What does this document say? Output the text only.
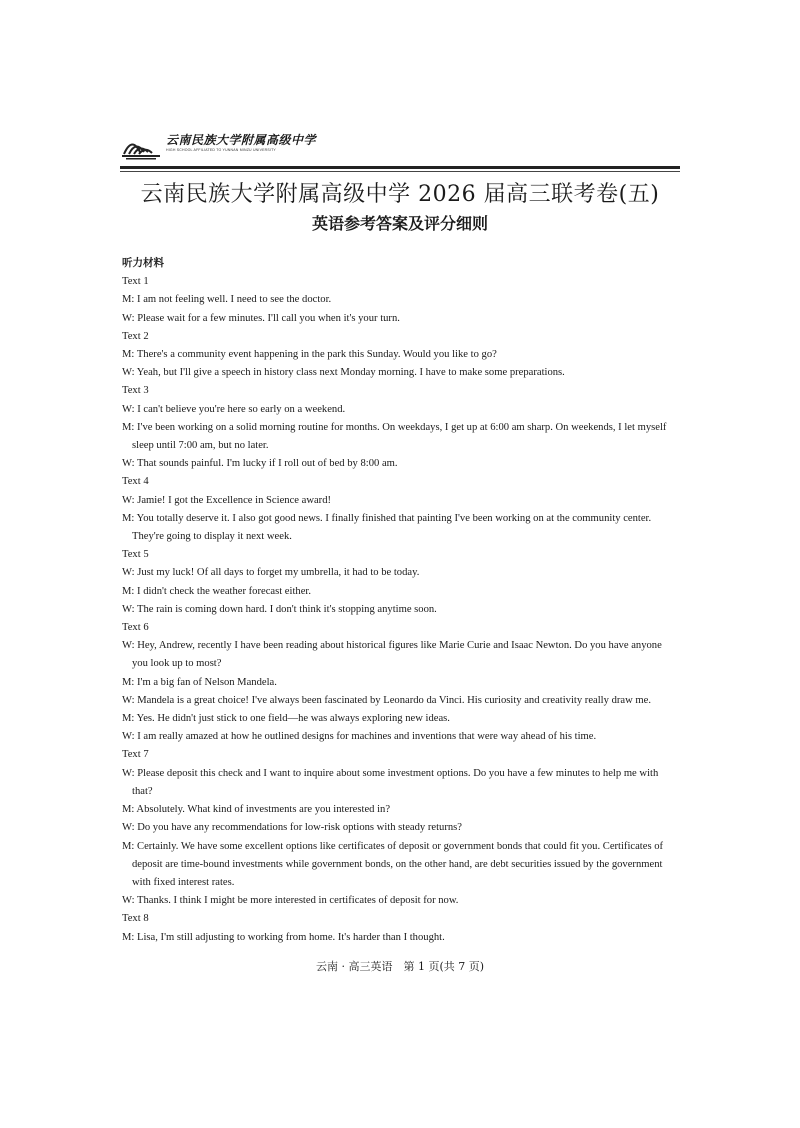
云南民族大学附属高级中学
HIGH SCHOOL AFFILIATED TO YUNNAN MINZU UNIVERSITY
云南民族大学附属高级中学 2026 届高三联考卷(五)
英语参考答案及评分细则
听力材料
Text 1
M: I am not feeling well. I need to see the doctor.
W: Please wait for a few minutes. I'll call you when it's your turn.
Text 2
M: There's a community event happening in the park this Sunday. Would you like to go?
W: Yeah, but I'll give a speech in history class next Monday morning. I have to make some preparations.
Text 3
W: I can't believe you're here so early on a weekend.
M: I've been working on a solid morning routine for months. On weekdays, I get up at 6:00 am sharp. On weekends, I let myself sleep until 7:00 am, but no later.
W: That sounds painful. I'm lucky if I roll out of bed by 8:00 am.
Text 4
W: Jamie! I got the Excellence in Science award!
M: You totally deserve it. I also got good news. I finally finished that painting I've been working on at the community center. They're going to display it next week.
Text 5
W: Just my luck! Of all days to forget my umbrella, it had to be today.
M: I didn't check the weather forecast either.
W: The rain is coming down hard. I don't think it's stopping anytime soon.
Text 6
W: Hey, Andrew, recently I have been reading about historical figures like Marie Curie and Isaac Newton. Do you have anyone you look up to most?
M: I'm a big fan of Nelson Mandela.
W: Mandela is a great choice! I've always been fascinated by Leonardo da Vinci. His curiosity and creativity really draw me.
M: Yes. He didn't just stick to one field—he was always exploring new ideas.
W: I am really amazed at how he outlined designs for machines and inventions that were way ahead of his time.
Text 7
W: Please deposit this check and I want to inquire about some investment options. Do you have a few minutes to help me with that?
M: Absolutely. What kind of investments are you interested in?
W: Do you have any recommendations for low-risk options with steady returns?
M: Certainly. We have some excellent options like certificates of deposit or government bonds that could fit you. Certificates of deposit are time-bound investments while government bonds, on the other hand, are debt securities issued by the government with fixed interest rates.
W: Thanks. I think I might be more interested in certificates of deposit for now.
Text 8
M: Lisa, I'm still adjusting to working from home. It's harder than I thought.
云南 · 高三英语　第 1 页(共 7 页)
